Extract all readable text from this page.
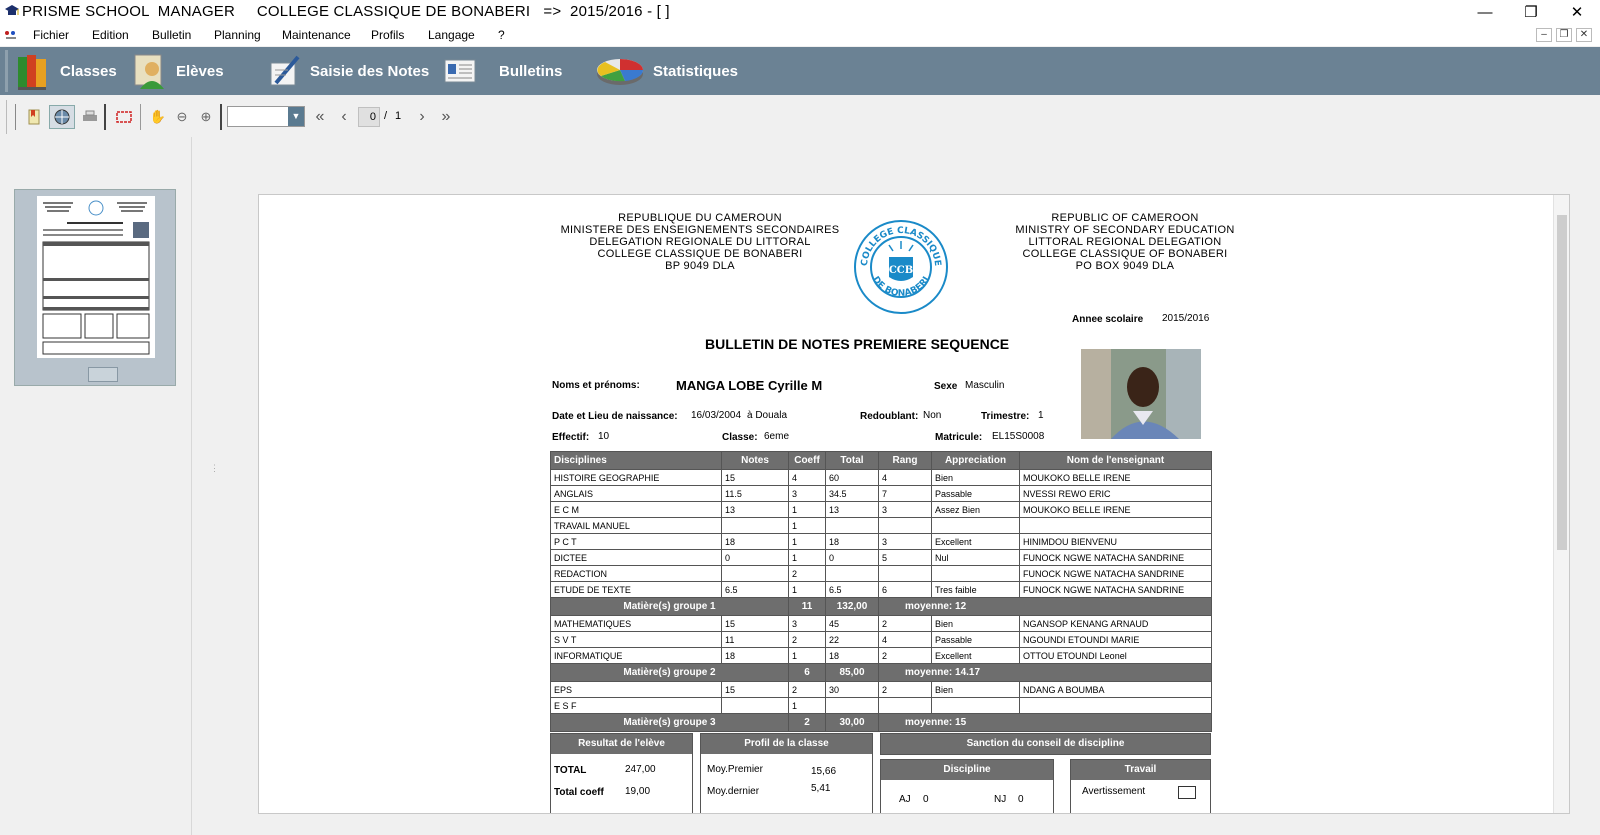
PRISME SCHOOL  MANAGER     COLLEGE CLASSIQUE DE BONABERI   =>  2015/2016 - [ ]	— ❐ ✕
Fichier Edition Bulletin Planning Maintenance Profils Langage ?	–	❐	✕
Classes	Elèves	Saisie des Notes	Bulletins	Statistiques
✋ ⊖ ⊕	▼ « ‹	0 / 1 › »
⋮
REPUBLIQUE DU CAMEROUN
MINISTERE DES ENSEIGNEMENTS SECONDAIRES
DELEGATION REGIONALE DU LITTORAL
COLLEGE CLASSIQUE DE BONABERI
BP 9049 DLA	COLLEGE CLASSIQUE
DE BONABERI
CCB
REPUBLIC OF CAMEROON
MINISTRY OF SECONDARY EDUCATION
LITTORAL REGIONAL DELEGATION
COLLEGE CLASSIQUE OF BONABERI
PO BOX 9049 DLA
Annee scolaire 2015/2016
BULLETIN DE NOTES PREMIERE SEQUENCE
Noms et prénoms:	MANGA LOBE Cyrille M	Sexe Masculin
Date et Lieu de naissance: 16/03/2004 à Douala	Redoublant: Non	Trimestre: 1
Effectif: 10	Classe: 6eme	Matricule: EL15S0008
Disciplines	Notes	Coeff	Total	Rang	Appreciation	Nom de l'enseignant
HISTOIRE GEOGRAPHIE	15	4	60	4	Bien	MOUKOKO BELLE IRENE
ANGLAIS	11.5	3	34.5	7	Passable	NVESSI REWO ERIC
E C M	13	1	13	3	Assez Bien	MOUKOKO BELLE IRENE
TRAVAIL MANUEL		1				
P C T	18	1	18	3	Excellent	HINIMDOU BIENVENU
DICTEE	0	1	0	5	Nul	FUNOCK NGWE NATACHA SANDRINE
REDACTION		2				FUNOCK NGWE NATACHA SANDRINE
ETUDE DE TEXTE	6.5	1	6.5	6	Tres faible	FUNOCK NGWE NATACHA SANDRINE
Matière(s) groupe 1		11	132,00	moyenne: 12		
MATHEMATIQUES	15	3	45	2	Bien	NGANSOP KENANG ARNAUD
S V T	11	2	22	4	Passable	NGOUNDI ETOUNDI MARIE
INFORMATIQUE	18	1	18	2	Excellent	OTTOU ETOUNDI Leonel
Matière(s) groupe 2		6	85,00	moyenne: 14.17		
EPS	15	2	30	2	Bien	NDANG A BOUMBA
E S F		1				
Matière(s) groupe 3		2	30,00	moyenne: 15		
Resultat de l'elève
TOTAL	247,00
Total coeff 19,00
Profil de la classe
Moy.Premier	15,66
Moy.dernier	5,41
Sanction du conseil de discipline
Discipline
AJ 0	NJ 0
Travail
Avertissement
